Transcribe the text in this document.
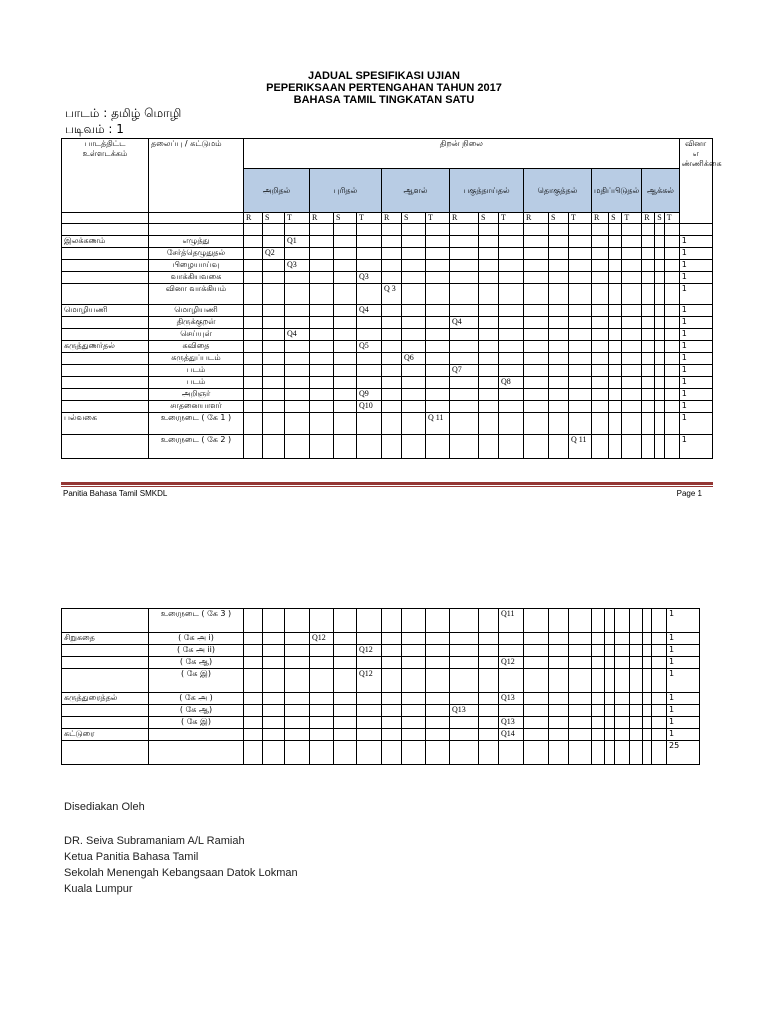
JADUAL SPESIFIKASI UJIAN
PEPERIKSAAN PERTENGAHAN TAHUN 2017
BAHASA TAMIL TINGKATAN SATU
பாடம் : தமிழ் மொழி
படிவம் : 1
பாடத்திட்ட உள்ளடக்கம்	தலைப்பு / கட்டுமம்	திறன் நிலை																					வினா எண்ணிக்கை
		அறிதல்			புரிதல்			ஆளல்			பகுத்தாய்தல்			தொகுத்தல்			மதிப்பிடுதல்			ஆக்கல்			
		R	S	T	R	S	T	R	S	T	R	S	T	R	S	T	R	S	T	R	S	T	

இலக்கணம்	எழுத்து			Q1																			1
	சேர்த்தெழுதுதல்		Q2																				1
	பிழையாய்வு			Q3																			1
	வாக்கியவகை						Q3																1
	வினா வாக்கியம்							Q 3															1
மொழியணி	மொழியணி						Q4																1
	திருக்குறள்										Q4												1
	செய்யுள்			Q4																			1
கருத்துணர்தல்	கவிதை						Q5																1
	கருத்துப்படம்								Q6														1
	படம்										Q7												1
	படம்												Q8										1
	அறிஞர்						Q9																1
	சாதனையாளர்						Q10																1
பல்வகை	உரைநடை ( கே 1 )									Q 11													1
	உரைநடை ( கே 2 )															Q 11							1
Panitia Bahasa Tamil SMKDL	Page 1
	உரைநடை ( கே 3 )												Q11										1
சிறுகதை	( கே அ i)				Q12																		1
	( கே அ ii)						Q12																1
	( கே ஆ)												Q12										1
	( கே இ)						Q12																1
கருத்துரைத்தல்	( கே அ )												Q13										1
	( கே ஆ)										Q13												1
	( கே இ)												Q13										1
கட்டுரை													Q14										1
																							25
Disediakan Oleh
DR. Seiva Subramaniam A/L Ramiah
Ketua Panitia Bahasa Tamil
Sekolah Menengah Kebangsaan Datok Lokman
Kuala Lumpur
